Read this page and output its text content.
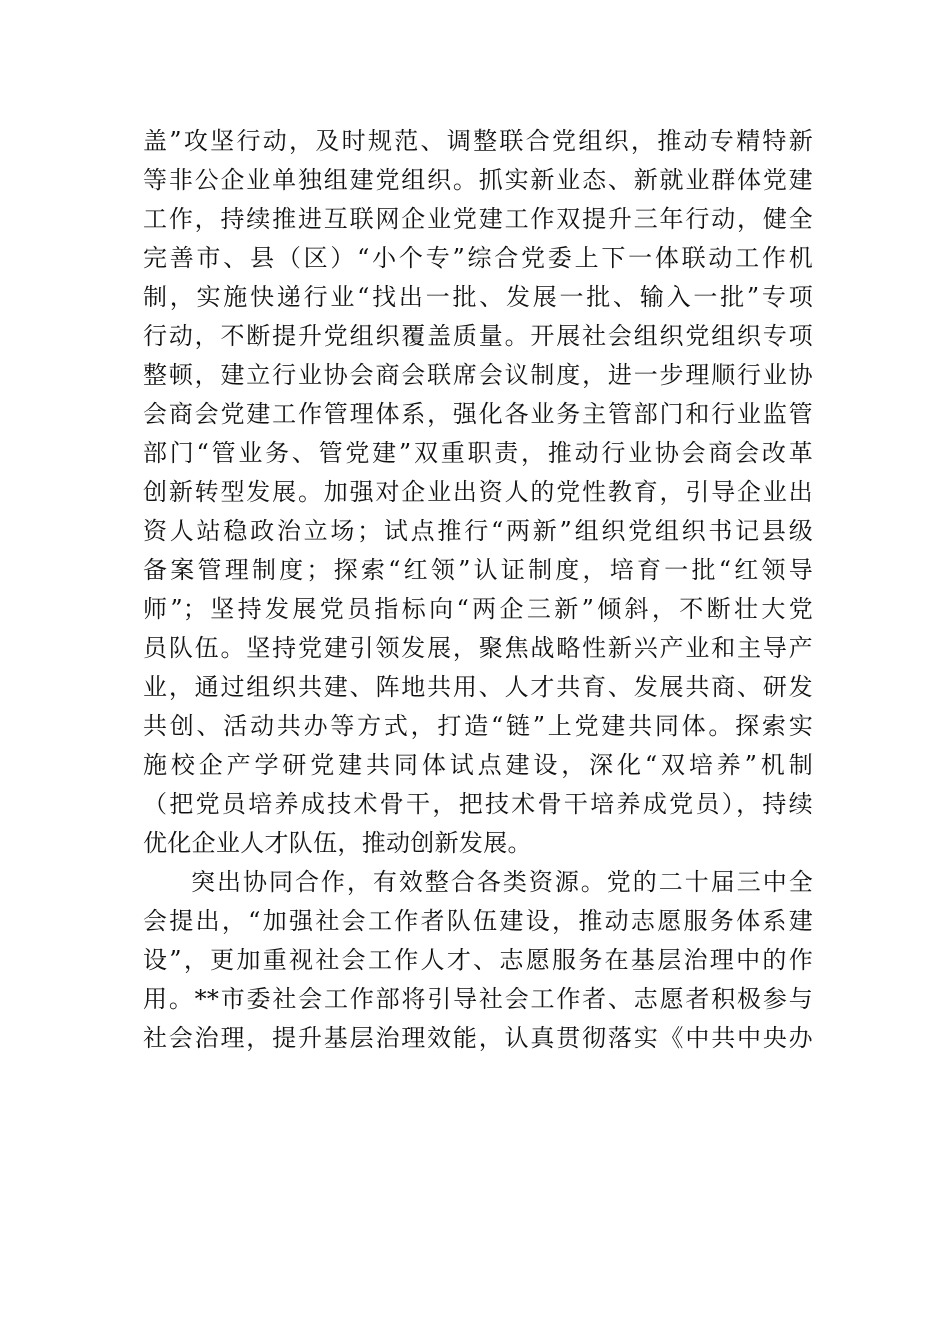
盖”攻坚行动，及时规范、调整联合党组织，推动专精特新
等非公企业单独组建党组织。抓实新业态、新就业群体党建
工作，持续推进互联网企业党建工作双提升三年行动，健全
完善市、县（区）“小个专”综合党委上下一体联动工作机
制，实施快递行业“找出一批、发展一批、输入一批”专项
行动，不断提升党组织覆盖质量。开展社会组织党组织专项
整顿，建立行业协会商会联席会议制度，进一步理顺行业协
会商会党建工作管理体系，强化各业务主管部门和行业监管
部门“管业务、管党建”双重职责，推动行业协会商会改革
创新转型发展。加强对企业出资人的党性教育，引导企业出
资人站稳政治立场；试点推行“两新”组织党组织书记县级
备案管理制度；探索“红领”认证制度，培育一批“红领导
师”；坚持发展党员指标向“两企三新”倾斜，不断壮大党
员队伍。坚持党建引领发展，聚焦战略性新兴产业和主导产
业，通过组织共建、阵地共用、人才共育、发展共商、研发
共创、活动共办等方式，打造“链”上党建共同体。探索实
施校企产学研党建共同体试点建设，深化“双培养”机制
（把党员培养成技术骨干，把技术骨干培养成党员），持续
优化企业人才队伍，推动创新发展。
突出协同合作，有效整合各类资源。党的二十届三中全
会提出，“加强社会工作者队伍建设，推动志愿服务体系建
设”，更加重视社会工作人才、志愿服务在基层治理中的作
用。**市委社会工作部将引导社会工作者、志愿者积极参与
社会治理，提升基层治理效能，认真贯彻落实《中共中央办
